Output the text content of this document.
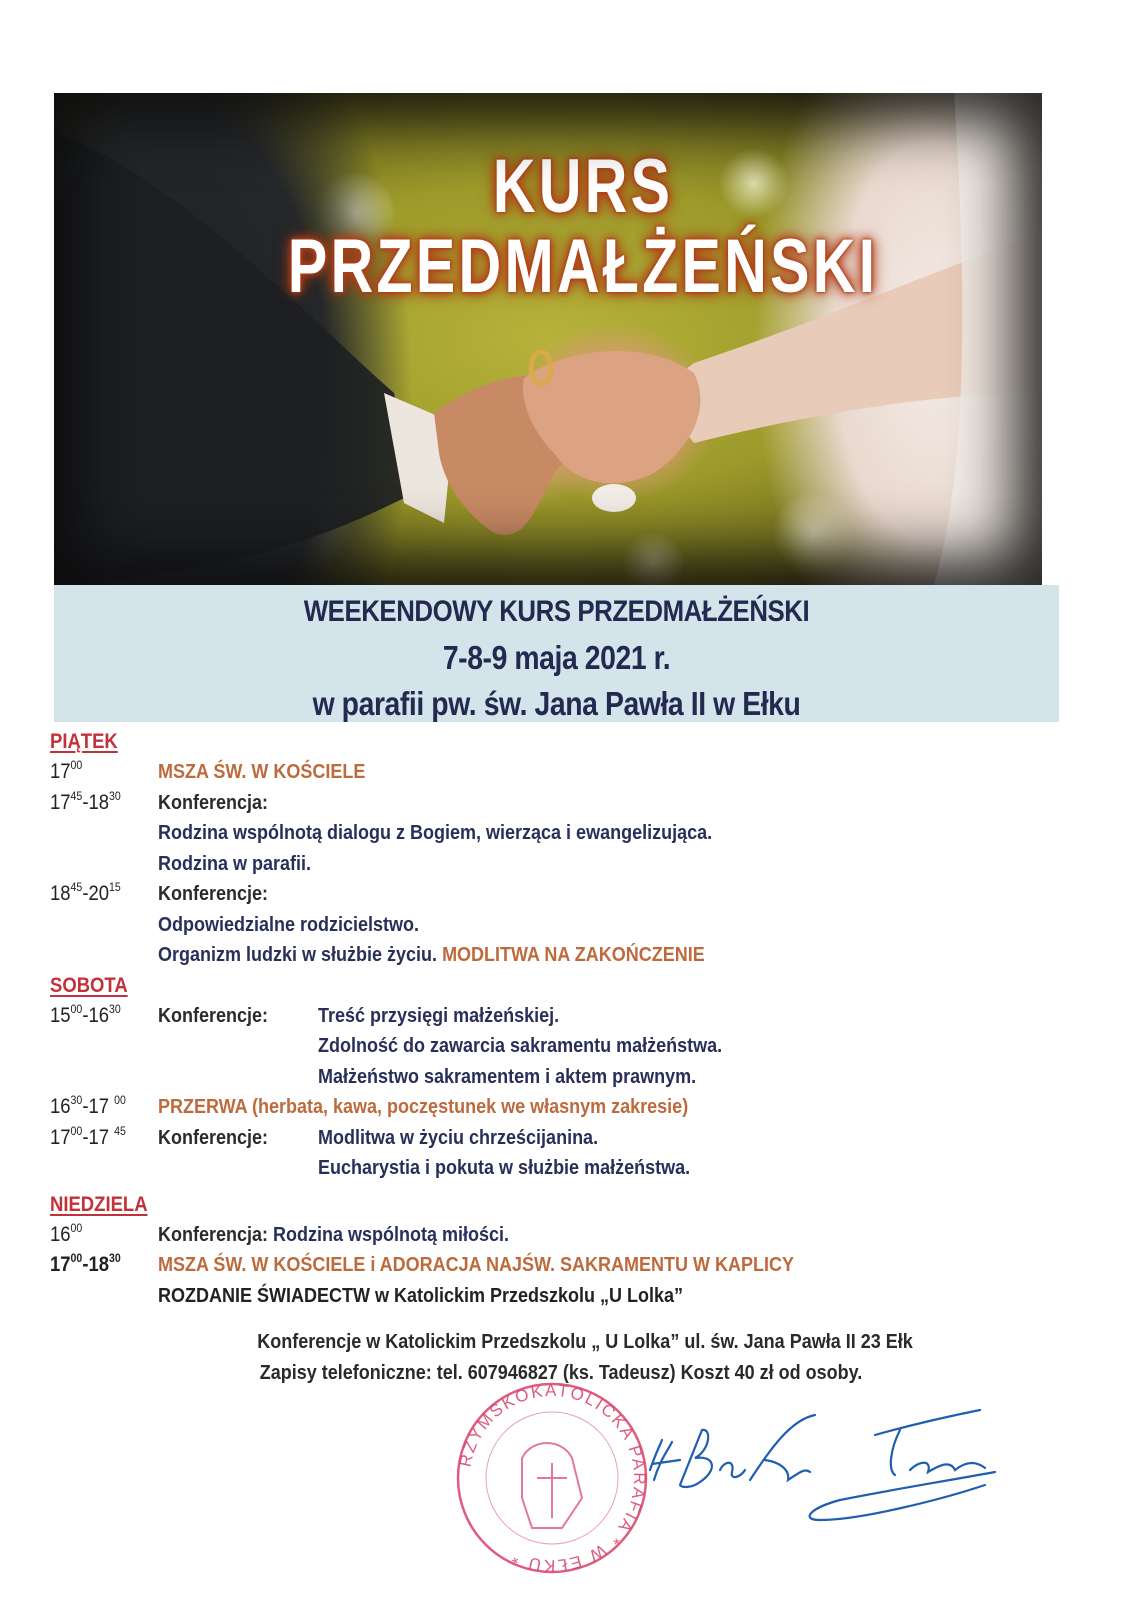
KURS
PRZEDMAŁŻEŃSKI
WEEKENDOWY KURS PRZEDMAŁŻEŃSKI
7-8-9 maja 2021 r.
w parafii pw. św. Jana Pawła II w Ełku
PIĄTEK
$17^{00}$	MSZA ŚW. W KOŚCIELE
$17^{45}-18^{30}$ Konferencja:
Rodzina wspólnotą dialogu z Bogiem, wierząca i ewangelizująca.
Rodzina w parafii.
$18^{45}-20^{15}$ Konferencje:
Odpowiedzialne rodzicielstwo.
Organizm ludzki w służbie życiu. MODLITWA NA ZAKOŃCZENIE
SOBOTA
$15^{00}-16^{30}$ Konferencje: Treść przysięgi małżeńskiej.
Zdolność do zawarcia sakramentu małżeństwa.
Małżeństwo sakramentem i aktem prawnym.
$16^{30}-17$ $^{00}$ PRZERWA (herbata, kawa, poczęstunek we własnym zakresie)
$17^{00}-17$ $^{45}$ Konferencje: Modlitwa w życiu chrześcijanina.
Eucharystia i pokuta w służbie małżeństwa.
NIEDZIELA
$16^{00}$	Konferencja: Rodzina wspólnotą miłości.
$17^{00}-18^{30}$ MSZA ŚW. W KOŚCIELE i ADORACJA NAJŚW. SAKRAMENTU W KAPLICY
ROZDANIE ŚWIADECTW w Katolickim Przedszkolu „U Lolka”
Konferencje w Katolickim Przedszkolu „ U Lolka” ul. św. Jana Pawła II 23 Ełk
Zapisy telefoniczne: tel. 607946827 (ks. Tadeusz) Koszt 40 zł od osoby.
RZYMSKOKATOLICKA PARAFIA * W EŁKU *
